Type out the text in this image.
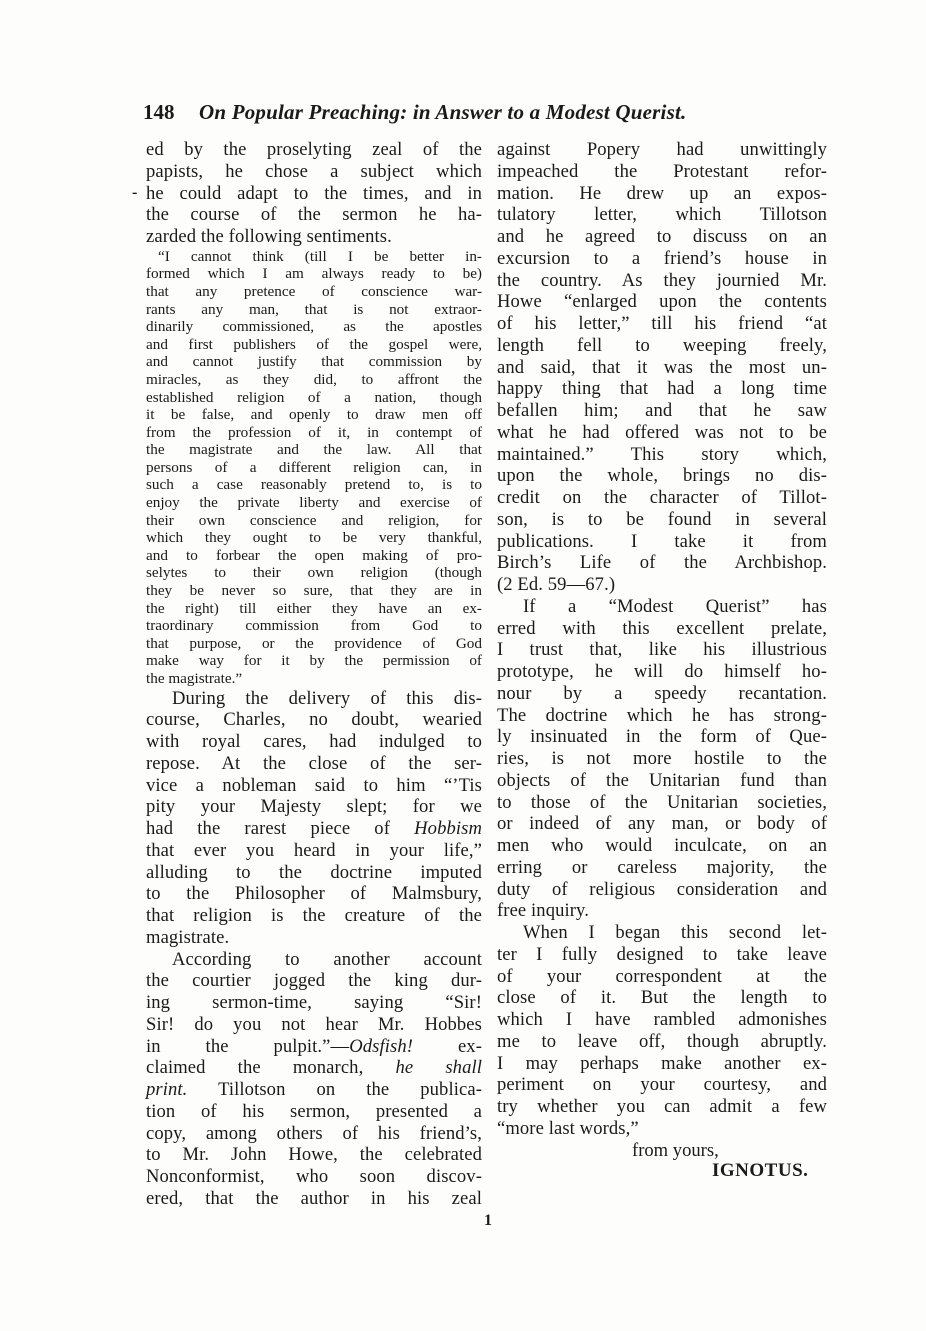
148 On Popular Preaching: in Answer to a Modest Querist.
-
ed by the proselyting zeal of the
papists, he chose a subject which
he could adapt to the times, and in
the course of the sermon he ha-
zarded the following sentiments.
“I cannot think (till I be better in-
formed which I am always ready to be)
that any pretence of conscience war-
rants any man, that is not extraor-
dinarily commissioned, as the apostles
and first publishers of the gospel were,
and cannot justify that commission by
miracles, as they did, to affront the
established religion of a nation, though
it be false, and openly to draw men off
from the profession of it, in contempt of
the magistrate and the law. All that
persons of a different religion can, in
such a case reasonably pretend to, is to
enjoy the private liberty and exercise of
their own conscience and religion, for
which they ought to be very thankful,
and to forbear the open making of pro-
selytes to their own religion (though
they be never so sure, that they are in
the right) till either they have an ex-
traordinary commission from God to
that purpose, or the providence of God
make way for it by the permission of
the magistrate.”
During the delivery of this dis-
course, Charles, no doubt, wearied
with royal cares, had indulged to
repose. At the close of the ser-
vice a nobleman said to him “’Tis
pity your Majesty slept; for we
had the rarest piece of Hobbism
that ever you heard in your life,”
alluding to the doctrine imputed
to the Philosopher of Malmsbury,
that religion is the creature of the
magistrate.
According to another account
the courtier jogged the king dur-
ing sermon-time, saying “Sir!
Sir! do you not hear Mr. Hobbes
in the pulpit.”—Odsfish! ex-
claimed the monarch, he shall
print. Tillotson on the publica-
tion of his sermon, presented a
copy, among others of his friend’s,
to Mr. John Howe, the celebrated
Nonconformist, who soon discov-
ered, that the author in his zeal
against Popery had unwittingly
impeached the Protestant refor-
mation. He drew up an expos-
tulatory letter, which Tillotson
and he agreed to discuss on an
excursion to a friend’s house in
the country. As they journied Mr.
Howe “enlarged upon the contents
of his letter,” till his friend “at
length fell to weeping freely,
and said, that it was the most un-
happy thing that had a long time
befallen him; and that he saw
what he had offered was not to be
maintained.” This story which,
upon the whole, brings no dis-
credit on the character of Tillot-
son, is to be found in several
publications. I take it from
Birch’s Life of the Archbishop.
(2 Ed. 59—67.)
If a “Modest Querist” has
erred with this excellent prelate,
I trust that, like his illustrious
prototype, he will do himself ho-
nour by a speedy recantation.
The doctrine which he has strong-
ly insinuated in the form of Que-
ries, is not more hostile to the
objects of the Unitarian fund than
to those of the Unitarian societies,
or indeed of any man, or body of
men who would inculcate, on an
erring or careless majority, the
duty of religious consideration and
free inquiry.
When I began this second let-
ter I fully designed to take leave
of your correspondent at the
close of it. But the length to
which I have rambled admonishes
me to leave off, though abruptly.
I may perhaps make another ex-
periment on your courtesy, and
try whether you can admit a few
“more last words,”
from yours,
IGNOTUS.
1
